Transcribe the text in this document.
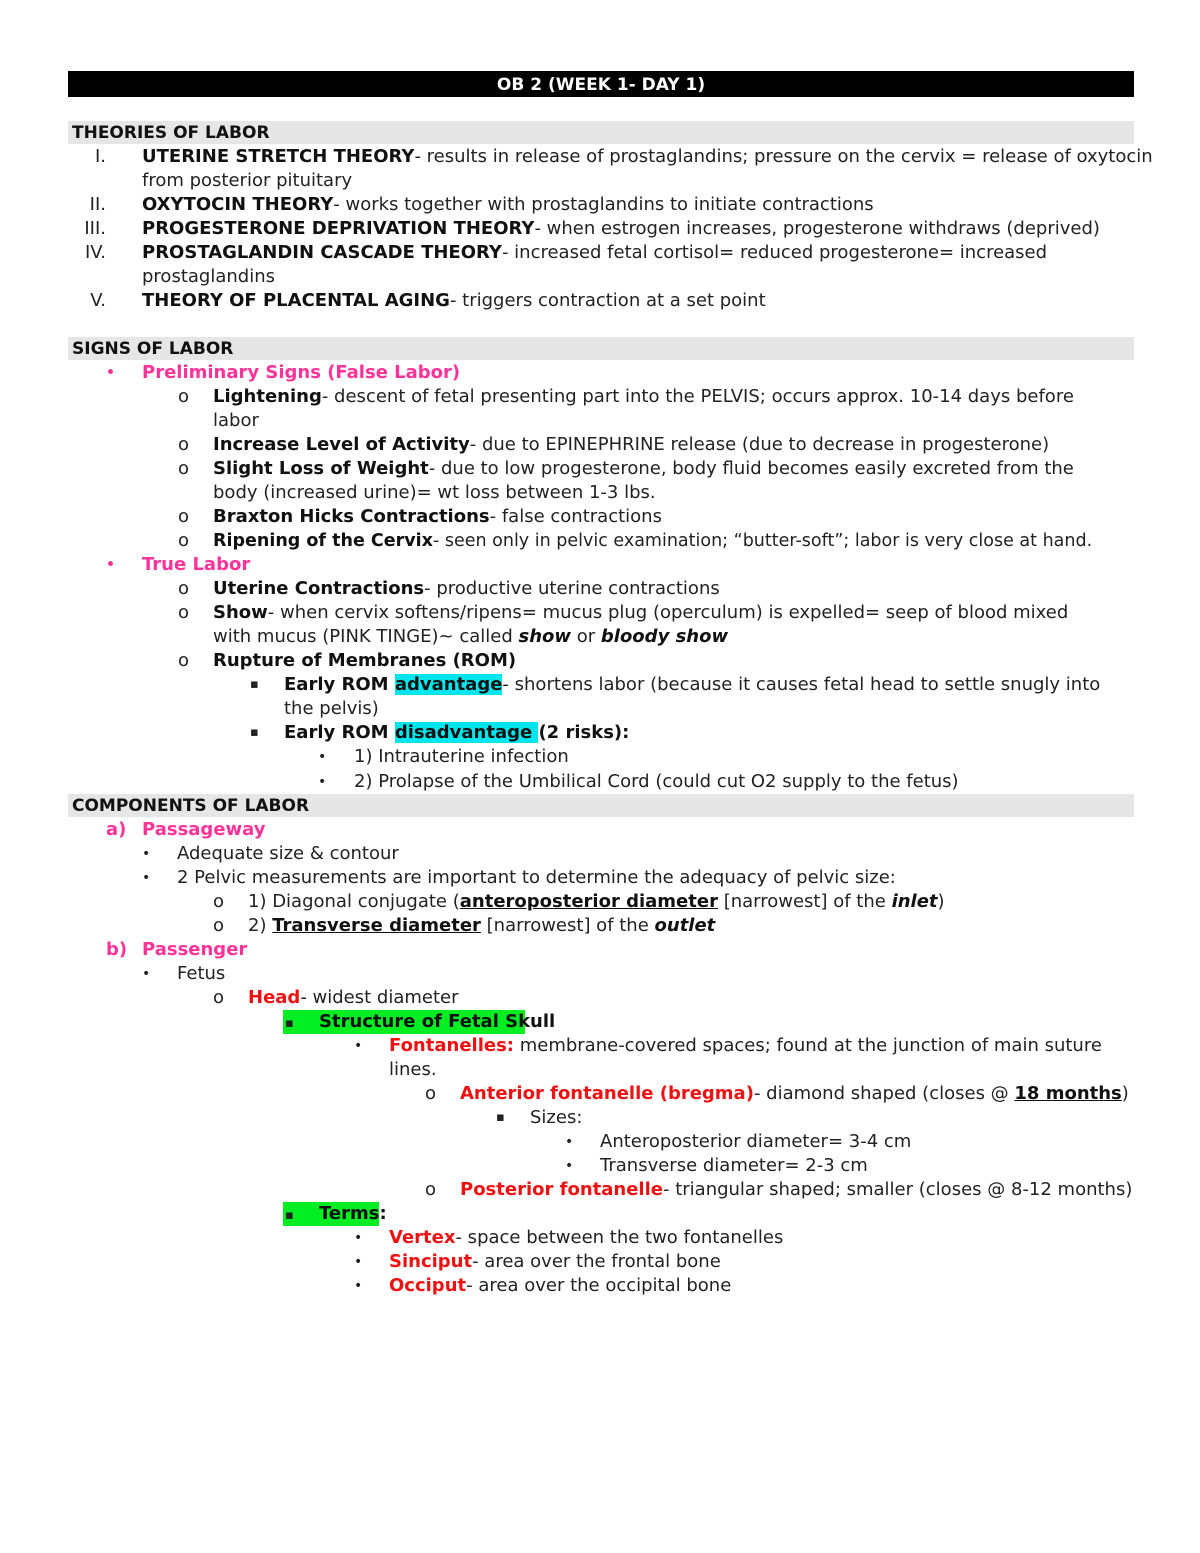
OB 2 (WEEK 1- DAY 1)
THEORIES OF LABOR
I. UTERINE STRETCH THEORY- results in release of prostaglandins; pressure on the cervix = release of oxytocin
from posterior pituitary
II. OXYTOCIN THEORY- works together with prostaglandins to initiate contractions
III. PROGESTERONE DEPRIVATION THEORY- when estrogen increases, progesterone withdraws (deprived)
IV. PROSTAGLANDIN CASCADE THEORY- increased fetal cortisol= reduced progesterone= increased
prostaglandins
V. THEORY OF PLACENTAL AGING- triggers contraction at a set point
SIGNS OF LABOR
• Preliminary Signs (False Labor)
o Lightening- descent of fetal presenting part into the PELVIS; occurs approx. 10-14 days before
labor
o Increase Level of Activity- due to EPINEPHRINE release (due to decrease in progesterone)
o Slight Loss of Weight- due to low progesterone, body fluid becomes easily excreted from the
body (increased urine)= wt loss between 1-3 lbs.
o Braxton Hicks Contractions- false contractions
o Ripening of the Cervix- seen only in pelvic examination; “butter-soft”; labor is very close at hand.
• True Labor
o Uterine Contractions- productive uterine contractions
o Show- when cervix softens/ripens= mucus plug (operculum) is expelled= seep of blood mixed
with mucus (PINK TINGE)~ called show or bloody show
o Rupture of Membranes (ROM)
▪ Early ROM advantage- shortens labor (because it causes fetal head to settle snugly into
the pelvis)
▪ Early ROM disadvantage (2 risks):
• 1) Intrauterine infection
• 2) Prolapse of the Umbilical Cord (could cut O2 supply to the fetus)
COMPONENTS OF LABOR
a) Passageway
• Adequate size & contour
• 2 Pelvic measurements are important to determine the adequacy of pelvic size:
o 1) Diagonal conjugate (anteroposterior diameter [narrowest] of the inlet)
o 2) Transverse diameter [narrowest] of the outlet
b) Passenger
• Fetus
o Head- widest diameter
▪ Structure of Fetal Skull
• Fontanelles: membrane-covered spaces; found at the junction of main suture
lines.
o Anterior fontanelle (bregma)- diamond shaped (closes @ 18 months)
▪ Sizes:
• Anteroposterior diameter= 3-4 cm
• Transverse diameter= 2-3 cm
o Posterior fontanelle- triangular shaped; smaller (closes @ 8-12 months)
▪ Terms:
• Vertex- space between the two fontanelles
• Sinciput- area over the frontal bone
• Occiput- area over the occipital bone
